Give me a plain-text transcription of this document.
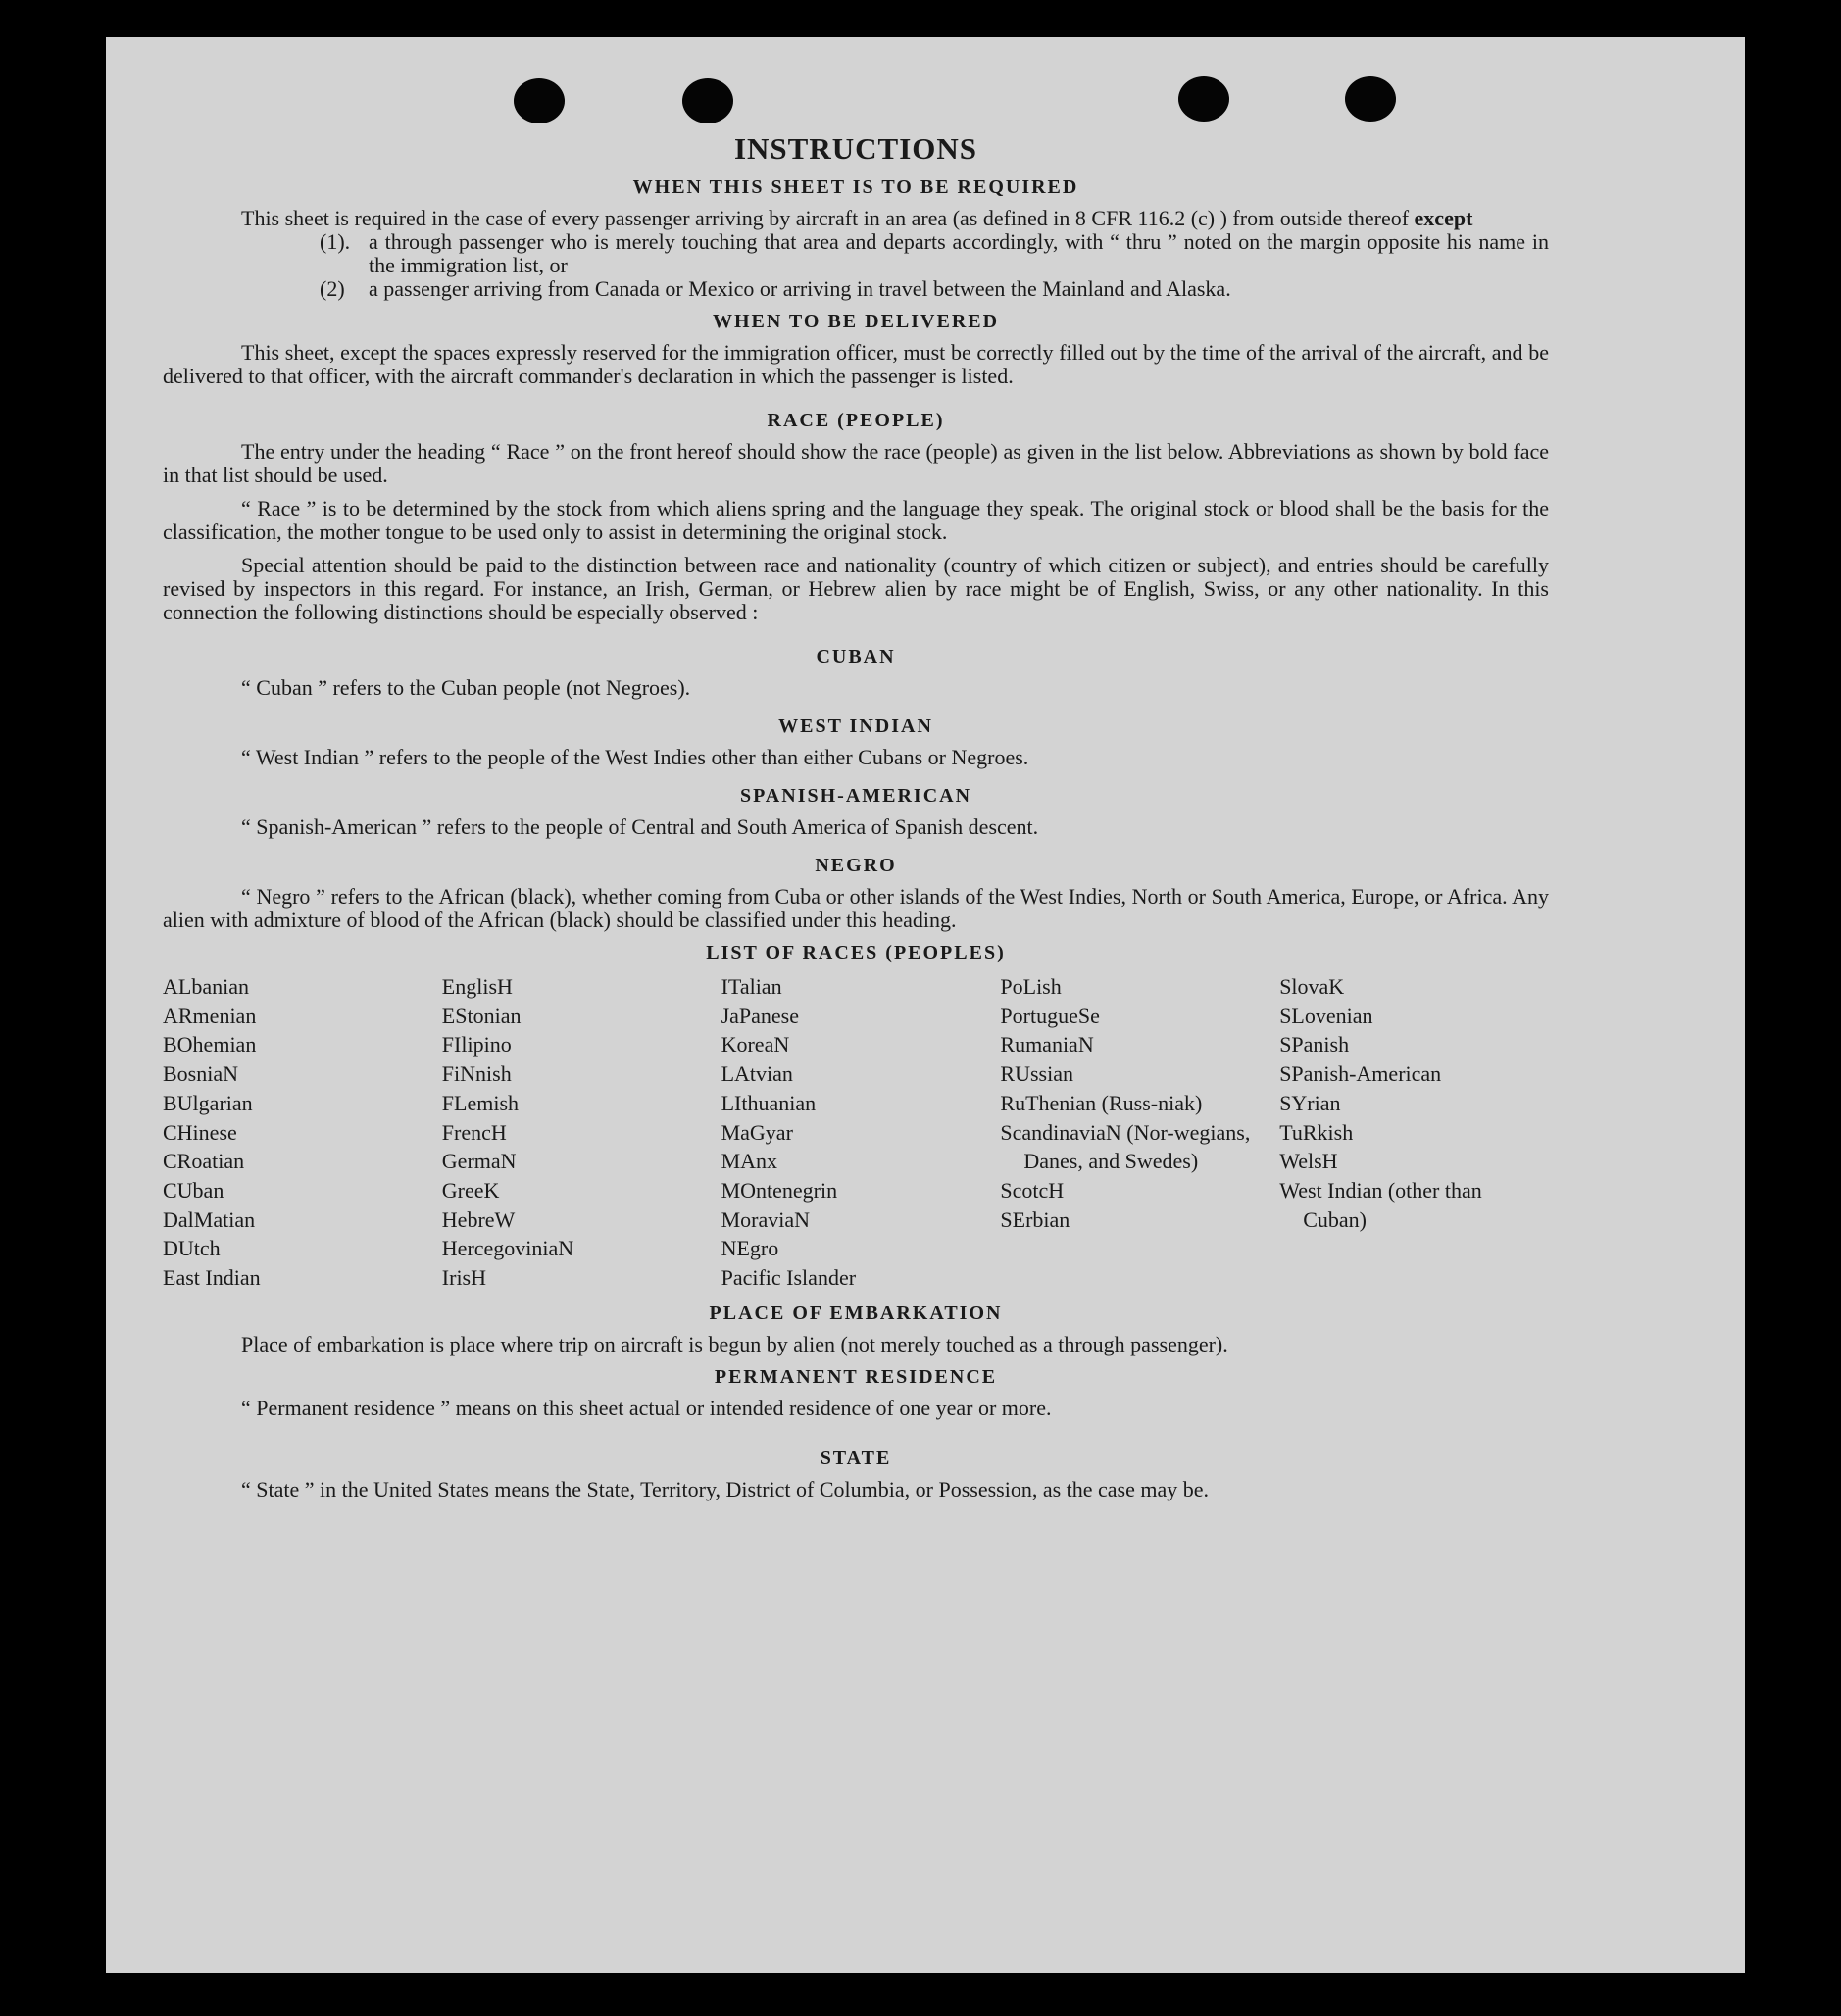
INSTRUCTIONS
WHEN THIS SHEET IS TO BE REQUIRED

This sheet is required in the case of every passenger arriving by aircraft in an area (as defined in 8 CFR 116.2 (c) ) from outside thereof except

(1). a through passenger who is merely touching that area and departs accordingly, with “ thru ” noted on the margin opposite his name in the immigration list, or
(2)	a passenger arriving from Canada or Mexico or arriving in travel between the Mainland and Alaska.
WHEN TO BE DELIVERED

This sheet, except the spaces expressly reserved for the immigration officer, must be correctly filled out by the time of the arrival of the aircraft, and be delivered to that officer, with the aircraft commander's declaration in which the passenger is listed.

RACE (PEOPLE)

The entry under the heading “ Race ” on the front hereof should show the race (people) as given in the list below. Abbreviations as shown by bold face in that list should be used.

“ Race ” is to be determined by the stock from which aliens spring and the language they speak. The original stock or blood shall be the basis for the classification, the mother tongue to be used only to assist in determining the original stock.

Special attention should be paid to the distinction between race and nationality (country of which citizen or subject), and entries should be carefully revised by inspectors in this regard. For instance, an Irish, German, or Hebrew alien by race might be of English, Swiss, or any other nationality. In this connection the following distinctions should be especially observed :

CUBAN
“ Cuban ” refers to the Cuban people (not Negroes).
WEST INDIAN
“ West Indian ” refers to the people of the West Indies other than either Cubans or Negroes.
SPANISH-AMERICAN
“ Spanish-American ” refers to the people of Central and South America of Spanish descent.
NEGRO

“ Negro ” refers to the African (black), whether coming from Cuba or other islands of the West Indies, North or South America, Europe, or Africa. Any alien with admixture of blood of the African (black) should be classified under this heading.

LIST OF RACES (PEOPLES)
ALbanian
ARmenian
BOhemian
BosniaN
BUlgarian
CHinese
CRoatian
CUban
DalMatian
DUtch
East Indian
EnglisH
EStonian
FIlipino
FiNnish
FLemish
FrencH
GermaN
GreeK
HebreW
HercegoviniaN
IrisH
ITalian
JaPanese
KoreaN
LAtvian
LIthuanian
MaGyar
MAnx
MOntenegrin
MoraviaN
NEgro
Pacific Islander
PoLish
PortugueSe
RumaniaN
RUssian
RuThenian (Russ-niak)
ScandinaviaN (Nor-wegians, Danes, and Swedes)
ScotcH
SErbian
SlovaK
SLovenian
SPanish
SPanish-American
SYrian
TuRkish
WelsH
West Indian (other than Cuban)
PLACE OF EMBARKATION

Place of embarkation is place where trip on aircraft is begun by alien (not merely touched as a through passenger).

PERMANENT RESIDENCE
“ Permanent residence ” means on this sheet actual or intended residence of one year or more.
STATE

“ State ” in the United States means the State, Territory, District of Columbia, or Possession, as the case may be.
